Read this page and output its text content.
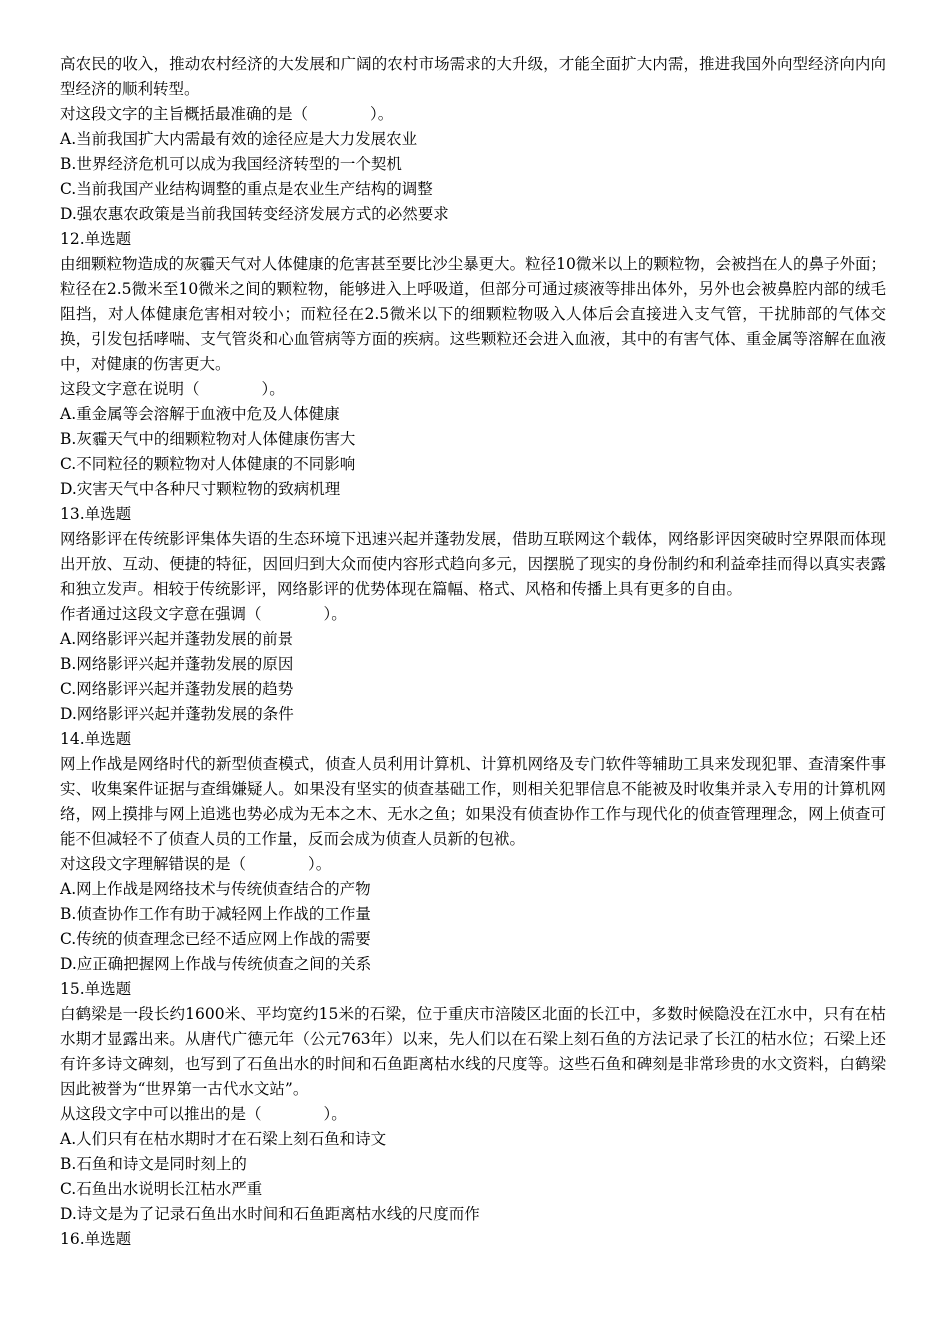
高农民的收入，推动农村经济的大发展和广阔的农村市场需求的大升级，才能全面扩大内需，推进我国外向型经济向内向型经济的顺利转型。
对这段文字的主旨概括最准确的是（　　　　）。
A.当前我国扩大内需最有效的途径应是大力发展农业
B.世界经济危机可以成为我国经济转型的一个契机
C.当前我国产业结构调整的重点是农业生产结构的调整
D.强农惠农政策是当前我国转变经济发展方式的必然要求
12.单选题
由细颗粒物造成的灰霾天气对人体健康的危害甚至要比沙尘暴更大。粒径10微米以上的颗粒物，会被挡在人的鼻子外面；粒径在2.5微米至10微米之间的颗粒物，能够进入上呼吸道，但部分可通过痰液等排出体外，另外也会被鼻腔内部的绒毛阻挡，对人体健康危害相对较小；而粒径在2.5微米以下的细颗粒物吸入人体后会直接进入支气管，干扰肺部的气体交换，引发包括哮喘、支气管炎和心血管病等方面的疾病。这些颗粒还会进入血液，其中的有害气体、重金属等溶解在血液中，对健康的伤害更大。
这段文字意在说明（　　　　）。
A.重金属等会溶解于血液中危及人体健康
B.灰霾天气中的细颗粒物对人体健康伤害大
C.不同粒径的颗粒物对人体健康的不同影响
D.灾害天气中各种尺寸颗粒物的致病机理
13.单选题
网络影评在传统影评集体失语的生态环境下迅速兴起并蓬勃发展，借助互联网这个载体，网络影评因突破时空界限而体现出开放、互动、便捷的特征，因回归到大众而使内容形式趋向多元，因摆脱了现实的身份制约和利益牵挂而得以真实表露和独立发声。相较于传统影评，网络影评的优势体现在篇幅、格式、风格和传播上具有更多的自由。
作者通过这段文字意在强调（　　　　）。
A.网络影评兴起并蓬勃发展的前景
B.网络影评兴起并蓬勃发展的原因
C.网络影评兴起并蓬勃发展的趋势
D.网络影评兴起并蓬勃发展的条件
14.单选题
网上作战是网络时代的新型侦查模式，侦查人员利用计算机、计算机网络及专门软件等辅助工具来发现犯罪、查清案件事实、收集案件证据与查缉嫌疑人。如果没有坚实的侦查基础工作，则相关犯罪信息不能被及时收集并录入专用的计算机网络，网上摸排与网上追逃也势必成为无本之木、无水之鱼；如果没有侦查协作工作与现代化的侦查管理理念，网上侦查可能不但减轻不了侦查人员的工作量，反而会成为侦查人员新的包袱。
对这段文字理解错误的是（　　　　）。
A.网上作战是网络技术与传统侦查结合的产物
B.侦查协作工作有助于减轻网上作战的工作量
C.传统的侦查理念已经不适应网上作战的需要
D.应正确把握网上作战与传统侦查之间的关系
15.单选题
白鹤梁是一段长约1600米、平均宽约15米的石梁，位于重庆市涪陵区北面的长江中，多数时候隐没在江水中，只有在枯水期才显露出来。从唐代广德元年（公元763年）以来，先人们以在石梁上刻石鱼的方法记录了长江的枯水位；石梁上还有许多诗文碑刻，也写到了石鱼出水的时间和石鱼距离枯水线的尺度等。这些石鱼和碑刻是非常珍贵的水文资料，白鹤梁因此被誉为“世界第一古代水文站”。
从这段文字中可以推出的是（　　　　）。
A.人们只有在枯水期时才在石梁上刻石鱼和诗文
B.石鱼和诗文是同时刻上的
C.石鱼出水说明长江枯水严重
D.诗文是为了记录石鱼出水时间和石鱼距离枯水线的尺度而作
16.单选题
